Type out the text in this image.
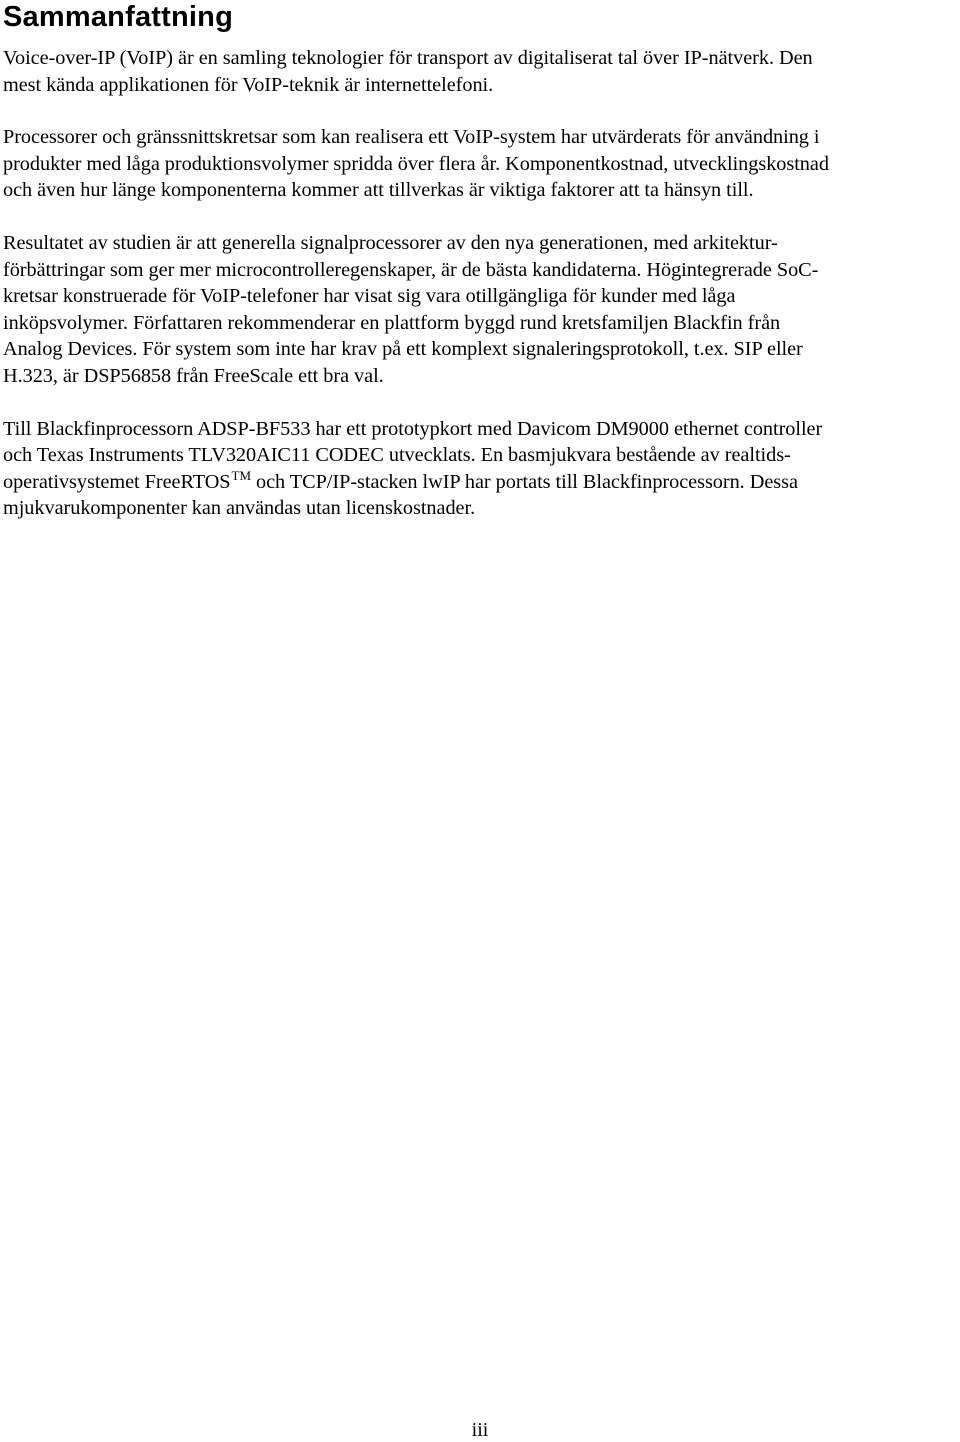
Sammanfattning

Voice-over-IP (VoIP) är en samling teknologier för transport av digitaliserat tal över IP-nätverk. Den
mest kända applikationen för VoIP-teknik är internettelefoni.

Processorer och gränssnittskretsar som kan realisera ett VoIP-system har utvärderats för användning i
produkter med låga produktionsvolymer spridda över flera år. Komponentkostnad, utvecklingskostnad
och även hur länge komponenterna kommer att tillverkas är viktiga faktorer att ta hänsyn till.

Resultatet av studien är att generella signalprocessorer av den nya generationen, med arkitektur-
förbättringar som ger mer microcontrolleregenskaper, är de bästa kandidaterna. Högintegrerade SoC-
kretsar konstruerade för VoIP-telefoner har visat sig vara otillgängliga för kunder med låga
inköpsvolymer. Författaren rekommenderar en plattform byggd rund kretsfamiljen Blackfin från
Analog Devices. För system som inte har krav på ett komplext signaleringsprotokoll, t.ex. SIP eller
H.323, är DSP56858 från FreeScale ett bra val.

Till Blackfinprocessorn ADSP-BF533 har ett prototypkort med Davicom DM9000 ethernet controller
och Texas Instruments TLV320AIC11 CODEC utvecklats. En basmjukvara bestående av realtids-
operativsystemet FreeRTOS™ och TCP/IP-stacken lwIP har portats till Blackfinprocessorn. Dessa
mjukvarukomponenter kan användas utan licenskostnader.

iii
